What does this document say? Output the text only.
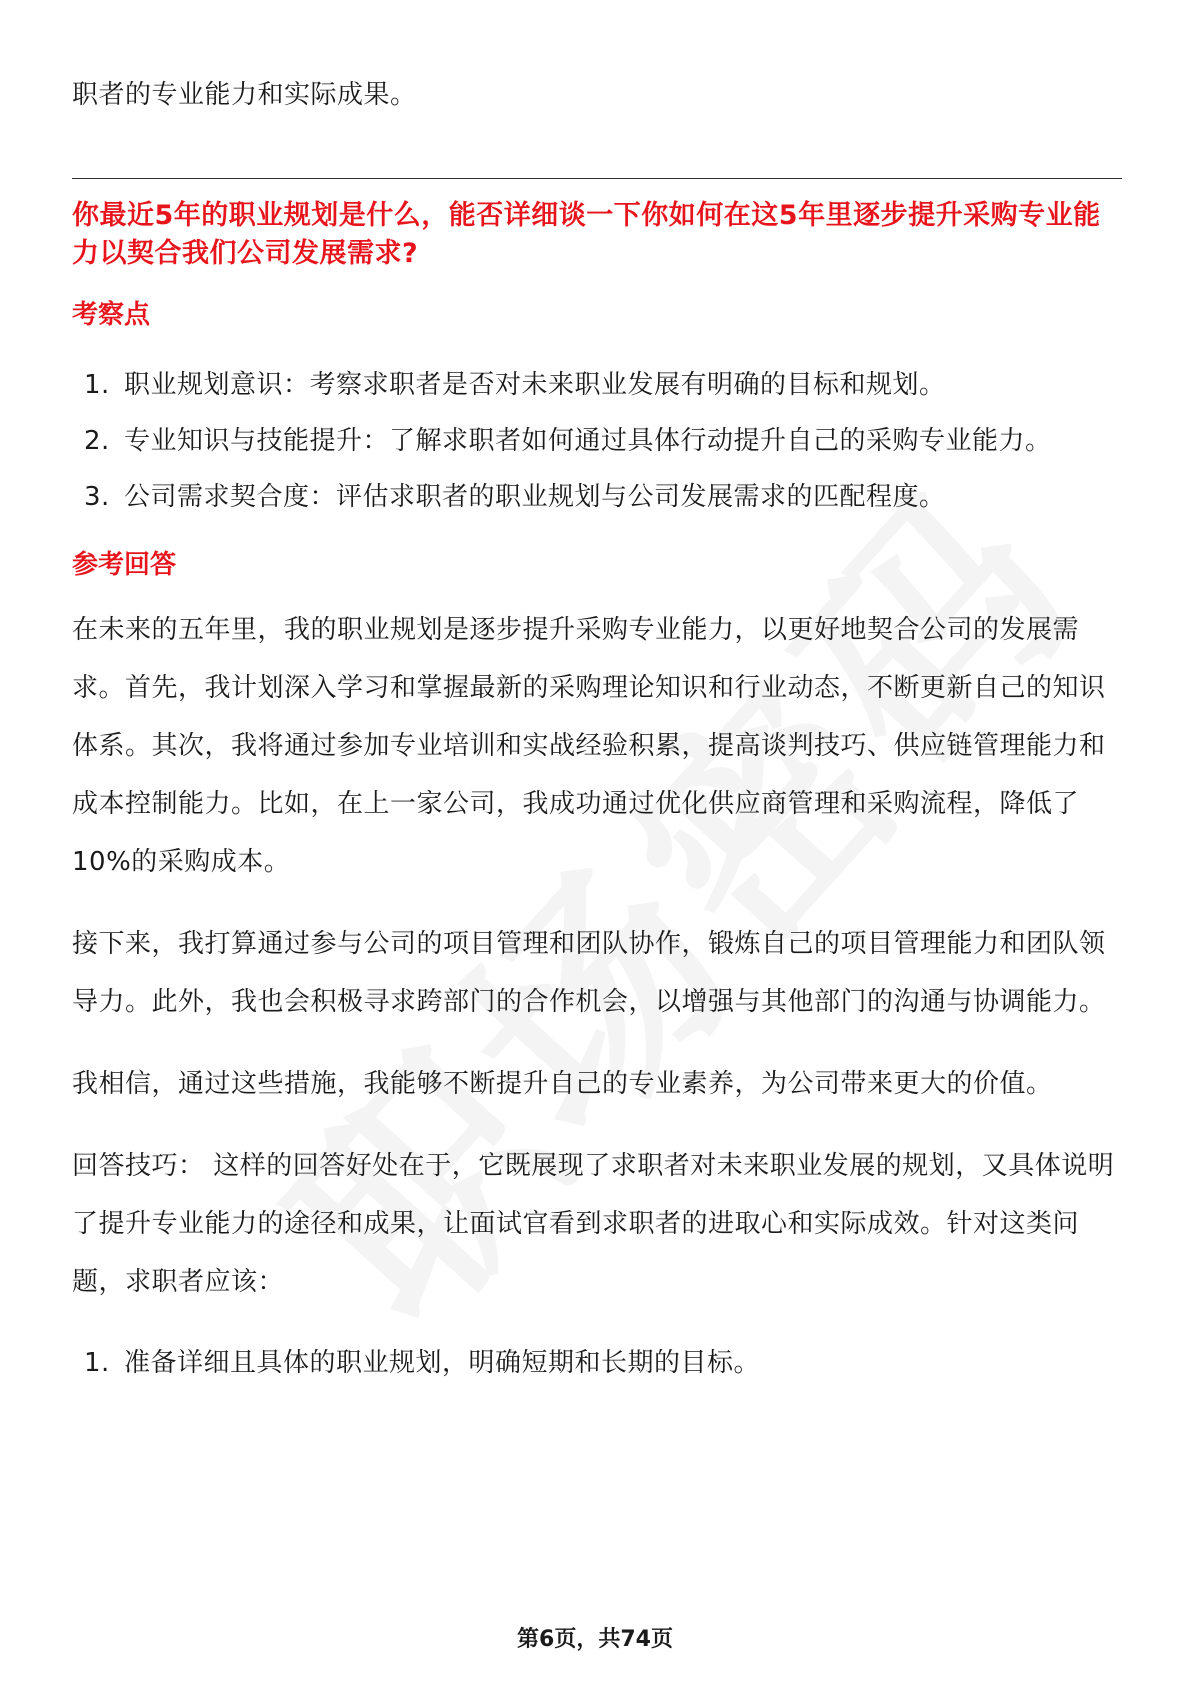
职者的专业能力和实际成果。

你最近5年的职业规划是什么，能否详细谈一下你如何在这5年里逐步提升采购专业能力以契合我们公司发展需求?

考察点

1. 职业规划意识：考察求职者是否对未来职业发展有明确的目标和规划。
2. 专业知识与技能提升：了解求职者如何通过具体行动提升自己的采购专业能力。
3. 公司需求契合度：评估求职者的职业规划与公司发展需求的匹配程度。

参考回答

在未来的五年里，我的职业规划是逐步提升采购专业能力，以更好地契合公司的发展需求。首先，我计划深入学习和掌握最新的采购理论知识和行业动态，不断更新自己的知识体系。其次，我将通过参加专业培训和实战经验积累，提高谈判技巧、供应链管理能力和成本控制能力。比如，在上一家公司，我成功通过优化供应商管理和采购流程，降低了10%的采购成本。

接下来，我打算通过参与公司的项目管理和团队协作，锻炼自己的项目管理能力和团队领导力。此外，我也会积极寻求跨部门的合作机会，以增强与其他部门的沟通与协调能力。

我相信，通过这些措施，我能够不断提升自己的专业素养，为公司带来更大的价值。

回答技巧： 这样的回答好处在于，它既展现了求职者对未来职业发展的规划，又具体说明了提升专业能力的途径和成果，让面试官看到求职者的进取心和实际成效。针对这类问题，求职者应该：

1. 准备详细且具体的职业规划，明确短期和长期的目标。
第6页，共74页
